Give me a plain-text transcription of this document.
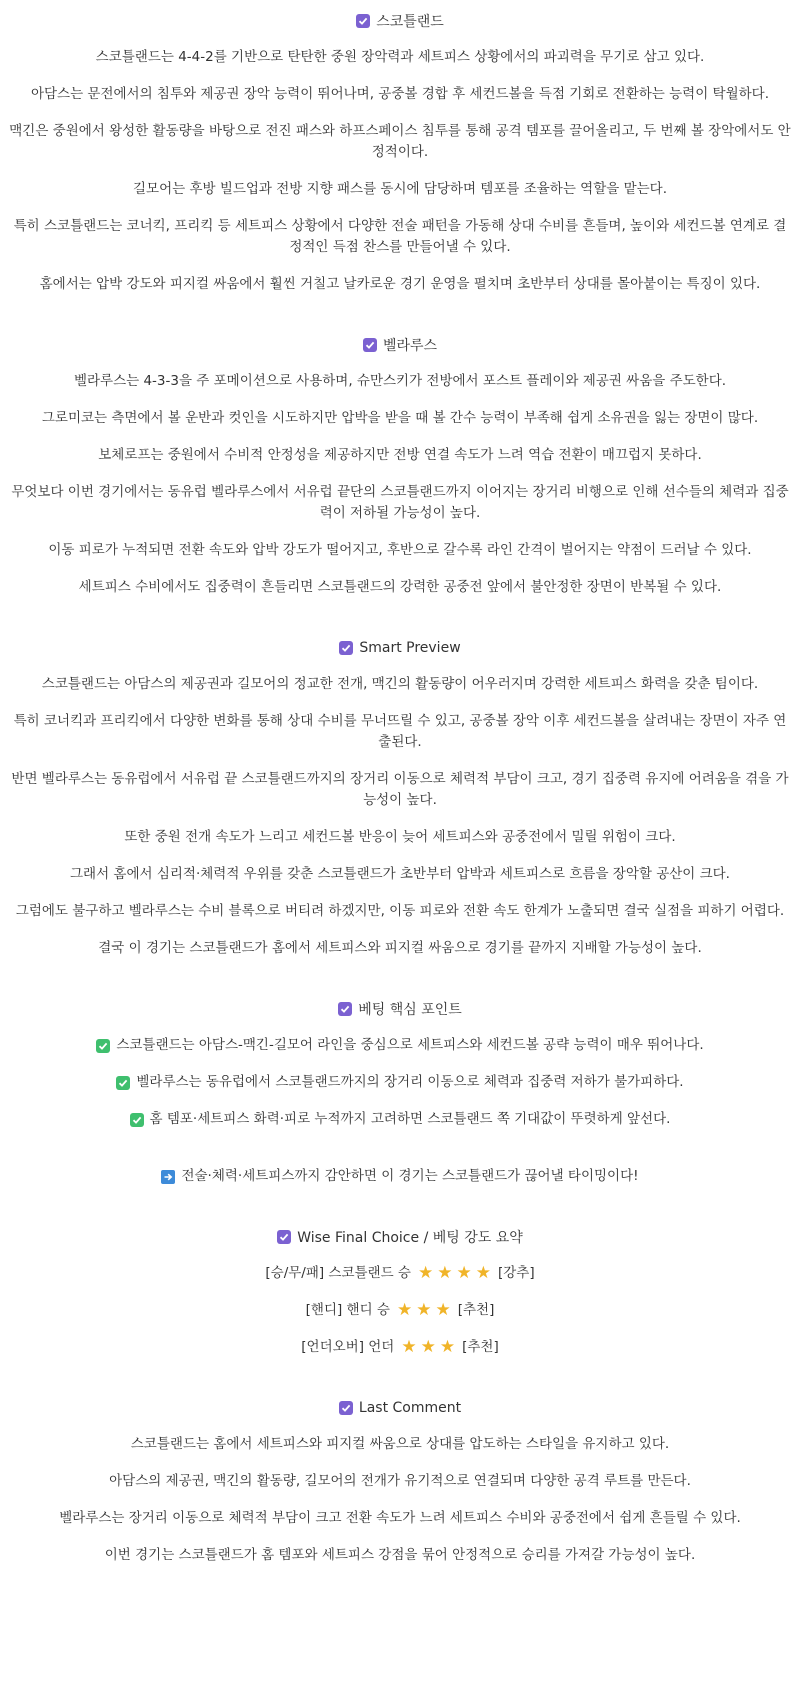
스코틀랜드

스코틀랜드는 4-4-2를 기반으로 탄탄한 중원 장악력과 세트피스 상황에서의 파괴력을 무기로 삼고 있다.

아담스는 문전에서의 침투와 제공권 장악 능력이 뛰어나며, 공중볼 경합 후 세컨드볼을 득점 기회로 전환하는 능력이 탁월하다.

맥긴은 중원에서 왕성한 활동량을 바탕으로 전진 패스와 하프스페이스 침투를 통해 공격 템포를 끌어올리고, 두 번째 볼 장악에서도 안정적이다.

길모어는 후방 빌드업과 전방 지향 패스를 동시에 담당하며 템포를 조율하는 역할을 맡는다.

특히 스코틀랜드는 코너킥, 프리킥 등 세트피스 상황에서 다양한 전술 패턴을 가동해 상대 수비를 흔들며, 높이와 세컨드볼 연계로 결정적인 득점 찬스를 만들어낼 수 있다.

홈에서는 압박 강도와 피지컬 싸움에서 훨씬 거칠고 날카로운 경기 운영을 펼치며 초반부터 상대를 몰아붙이는 특징이 있다.

벨라루스

벨라루스는 4-3-3을 주 포메이션으로 사용하며, 슈만스키가 전방에서 포스트 플레이와 제공권 싸움을 주도한다.

그로미코는 측면에서 볼 운반과 컷인을 시도하지만 압박을 받을 때 볼 간수 능력이 부족해 쉽게 소유권을 잃는 장면이 많다.

보체로프는 중원에서 수비적 안정성을 제공하지만 전방 연결 속도가 느려 역습 전환이 매끄럽지 못하다.

무엇보다 이번 경기에서는 동유럽 벨라루스에서 서유럽 끝단의 스코틀랜드까지 이어지는 장거리 비행으로 인해 선수들의 체력과 집중력이 저하될 가능성이 높다.

이동 피로가 누적되면 전환 속도와 압박 강도가 떨어지고, 후반으로 갈수록 라인 간격이 벌어지는 약점이 드러날 수 있다.

세트피스 수비에서도 집중력이 흔들리면 스코틀랜드의 강력한 공중전 앞에서 불안정한 장면이 반복될 수 있다.

Smart Preview

스코틀랜드는 아담스의 제공권과 길모어의 정교한 전개, 맥긴의 활동량이 어우러지며 강력한 세트피스 화력을 갖춘 팀이다.

특히 코너킥과 프리킥에서 다양한 변화를 통해 상대 수비를 무너뜨릴 수 있고, 공중볼 장악 이후 세컨드볼을 살려내는 장면이 자주 연출된다.

반면 벨라루스는 동유럽에서 서유럽 끝 스코틀랜드까지의 장거리 이동으로 체력적 부담이 크고, 경기 집중력 유지에 어려움을 겪을 가능성이 높다.

또한 중원 전개 속도가 느리고 세컨드볼 반응이 늦어 세트피스와 공중전에서 밀릴 위험이 크다.

그래서 홈에서 심리적·체력적 우위를 갖춘 스코틀랜드가 초반부터 압박과 세트피스로 흐름을 장악할 공산이 크다.

그럼에도 불구하고 벨라루스는 수비 블록으로 버티려 하겠지만, 이동 피로와 전환 속도 한계가 노출되면 결국 실점을 피하기 어렵다.

결국 이 경기는 스코틀랜드가 홈에서 세트피스와 피지컬 싸움으로 경기를 끝까지 지배할 가능성이 높다.

베팅 핵심 포인트

스코틀랜드는 아담스-맥긴-길모어 라인을 중심으로 세트피스와 세컨드볼 공략 능력이 매우 뛰어나다.

벨라루스는 동유럽에서 스코틀랜드까지의 장거리 이동으로 체력과 집중력 저하가 불가피하다.

홈 템포·세트피스 화력·피로 누적까지 고려하면 스코틀랜드 쪽 기대값이 뚜렷하게 앞선다.

전술·체력·세트피스까지 감안하면 이 경기는 스코틀랜드가 끊어낼 타이밍이다!

Wise Final Choice / 베팅 강도 요약

[승/무/패] 스코틀랜드 승 ★ ★ ★ ★ [강추]

[핸디] 핸디 승 ★ ★ ★ [추천]

[언더오버] 언더 ★ ★ ★ [추천]

Last Comment

스코틀랜드는 홈에서 세트피스와 피지컬 싸움으로 상대를 압도하는 스타일을 유지하고 있다.

아담스의 제공권, 맥긴의 활동량, 길모어의 전개가 유기적으로 연결되며 다양한 공격 루트를 만든다.

벨라루스는 장거리 이동으로 체력적 부담이 크고 전환 속도가 느려 세트피스 수비와 공중전에서 쉽게 흔들릴 수 있다.

이번 경기는 스코틀랜드가 홈 템포와 세트피스 강점을 묶어 안정적으로 승리를 가져갈 가능성이 높다.
